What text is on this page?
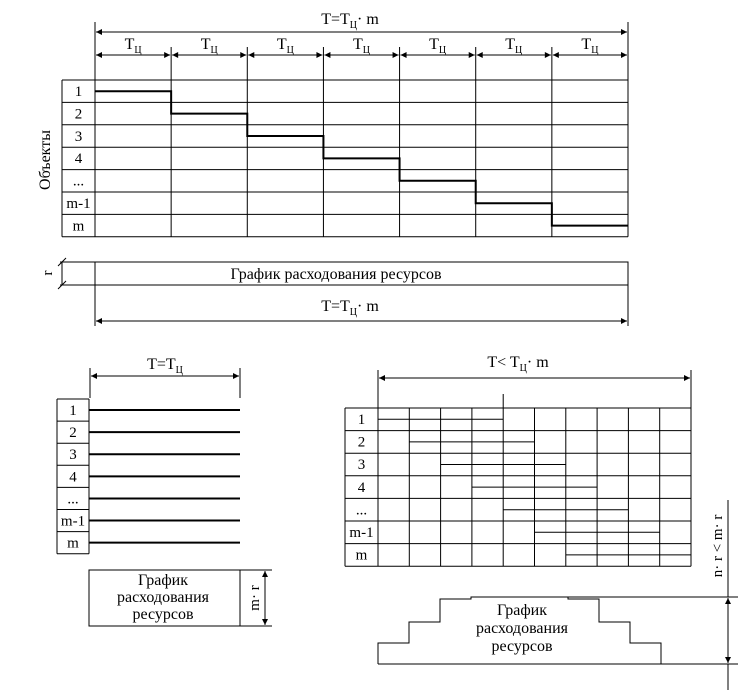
$T=T_Ц\cdot m$
$T_Ц$	$T_Ц$	$T_Ц$	$T_Ц$	$T_Ц$	$T_Ц$	$T_Ц$
1
2
3
4
...
m-1
m
Объекты
r	График расходования ресурсов
$T=T_Ц\cdot m$
$T=T_Ц$
1
2
3
4
...
m-1
m
m· r
График
расходования
ресурсов
$T< T_Ц\cdot m$
1
2
3
4
...
m-1
m
График
расходования
ресурсов
n· r < m· r
